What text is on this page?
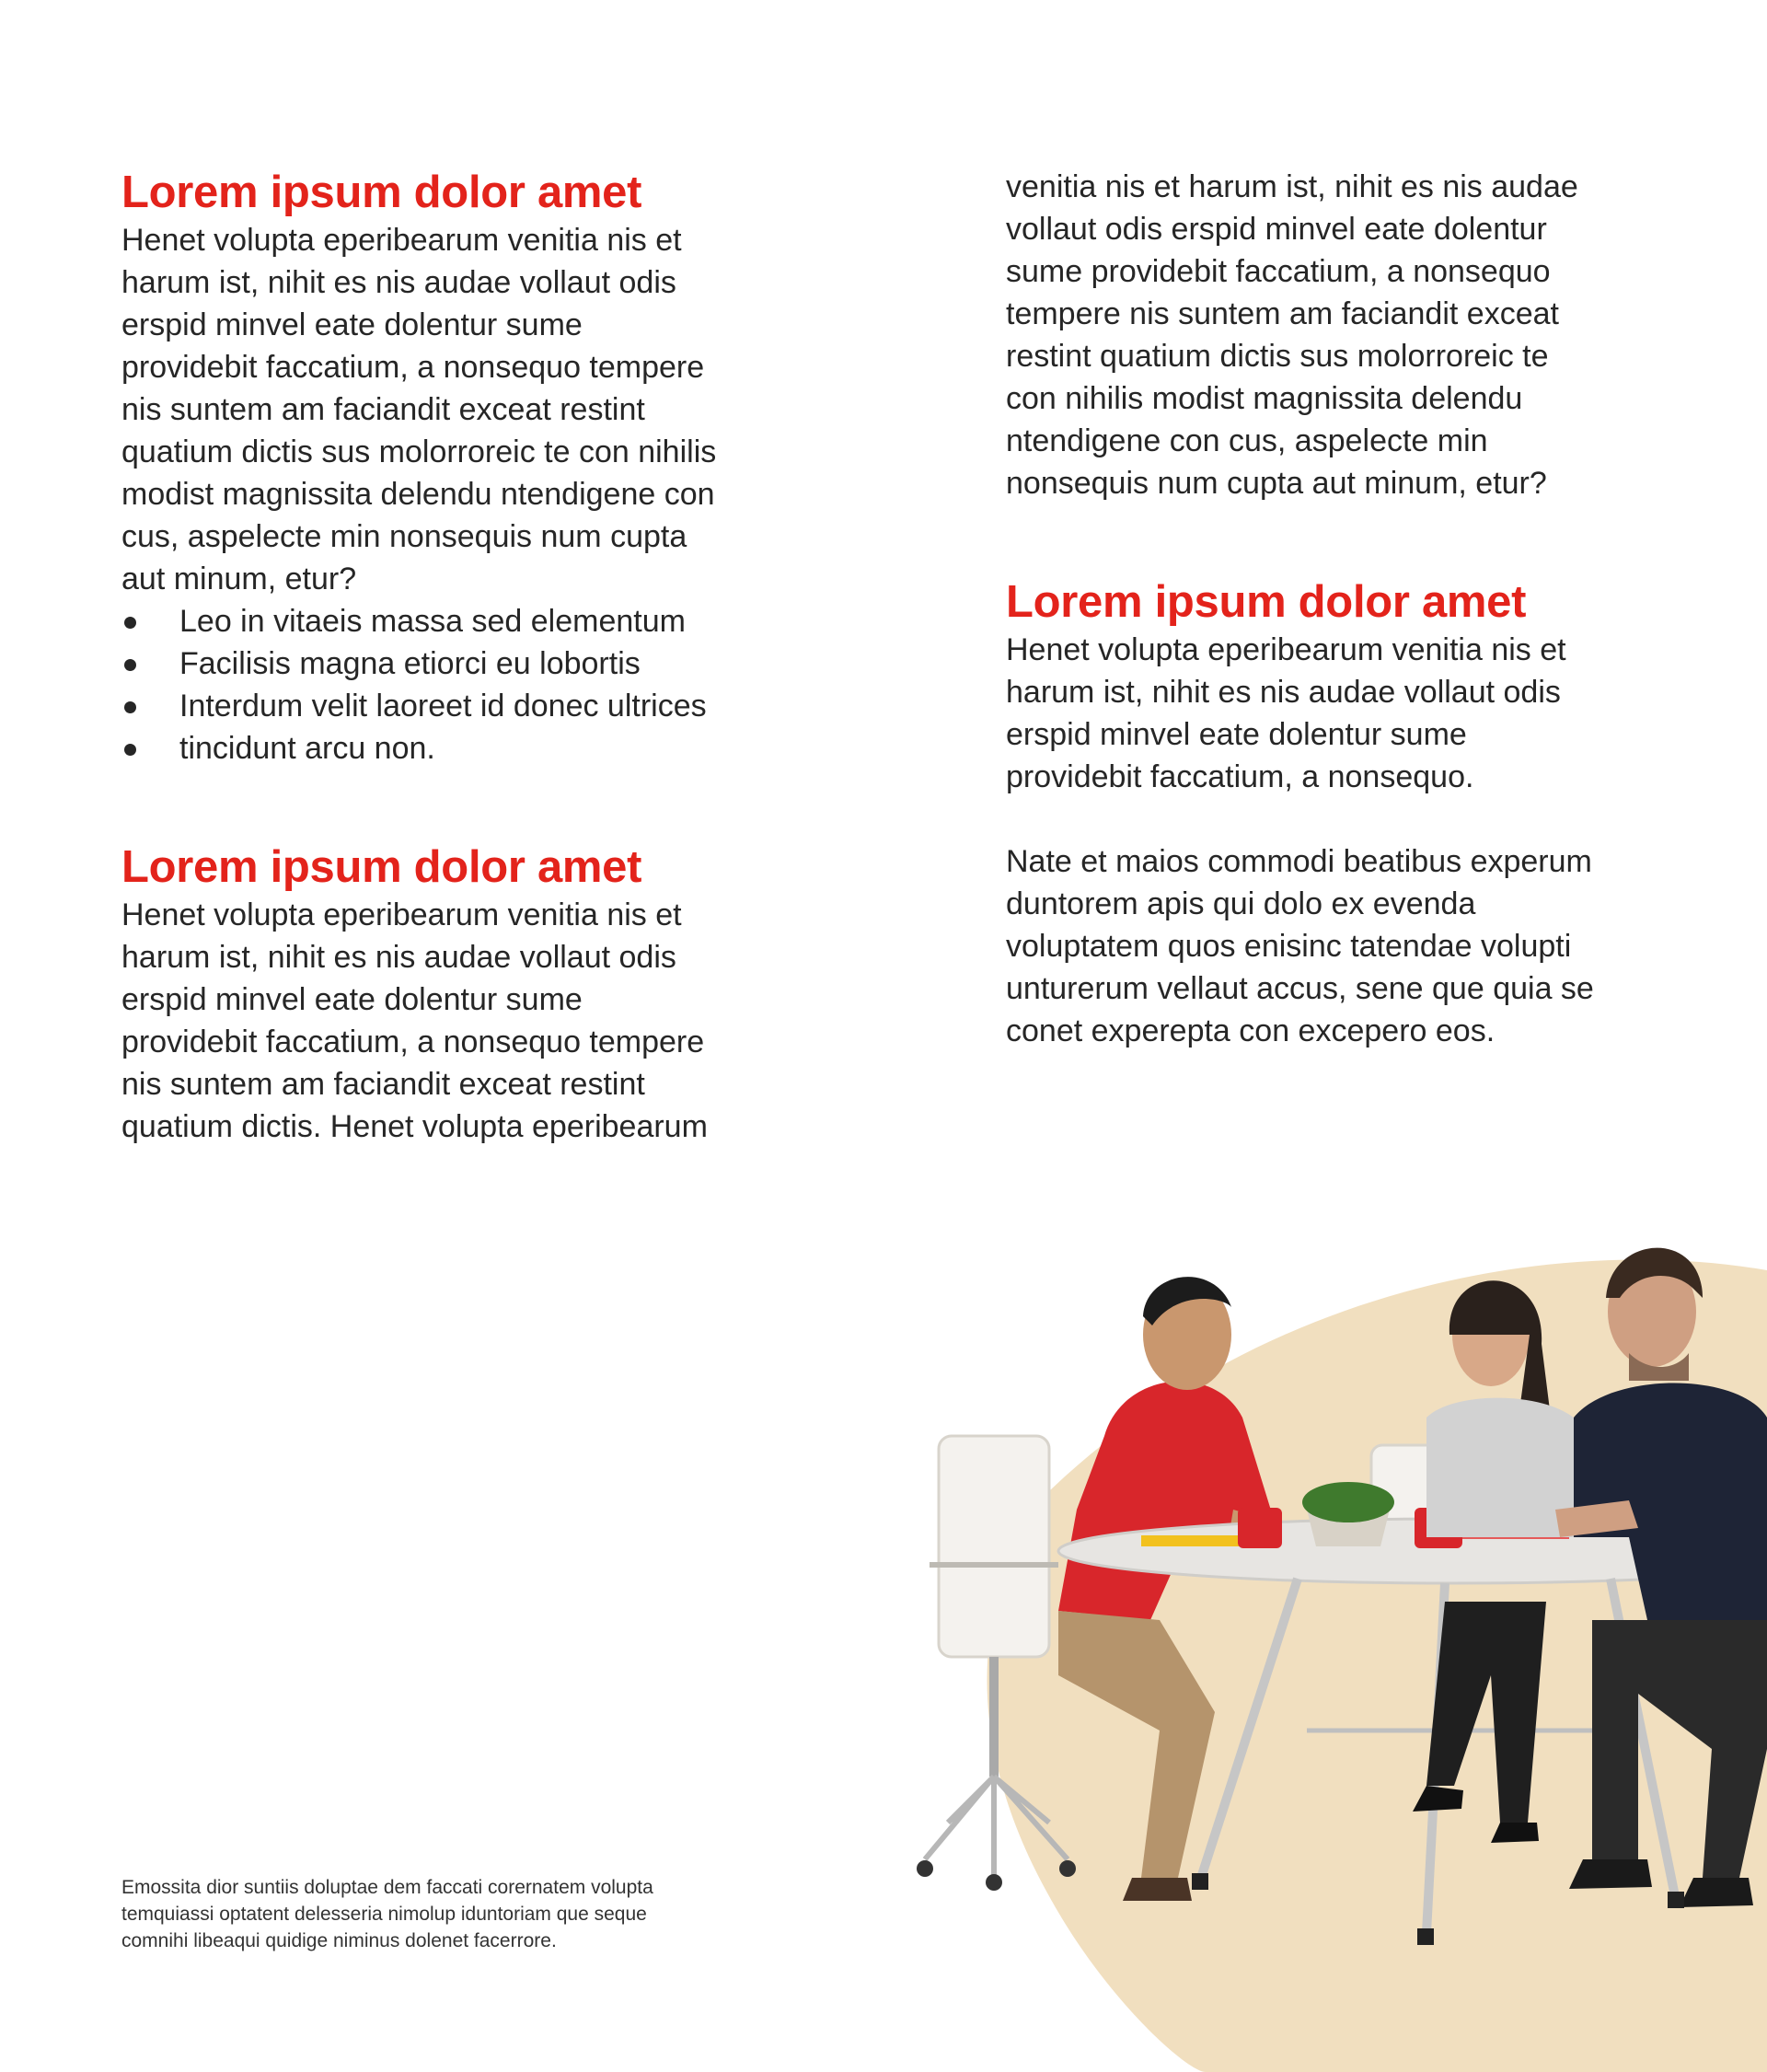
Lorem ipsum dolor amet

Henet volupta eperibearum venitia nis et
harum ist, nihit es nis audae vollaut odis
erspid minvel eate dolentur sume
providebit faccatium, a nonsequo tempere
nis suntem am faciandit exceat restint
quatium dictis sus molorroreic te con nihilis
modist magnissita delendu ntendigene con
cus, aspelecte min nonsequis num cupta
aut minum, etur?

Leo in vitaeis massa sed elementum
Facilisis magna etiorci eu lobortis
Interdum velit laoreet id donec ultrices
tincidunt arcu non.
Lorem ipsum dolor amet

Henet volupta eperibearum venitia nis et
harum ist, nihit es nis audae vollaut odis
erspid minvel eate dolentur sume
providebit faccatium, a nonsequo tempere
nis suntem am faciandit exceat restint
quatium dictis. Henet volupta eperibearum

venitia nis et harum ist, nihit es nis audae
vollaut odis erspid minvel eate dolentur
sume providebit faccatium, a nonsequo
tempere nis suntem am faciandit exceat
restint quatium dictis sus molorroreic te
con nihilis modist magnissita delendu
ntendigene con cus, aspelecte min
nonsequis num cupta aut minum, etur?

Lorem ipsum dolor amet

Henet volupta eperibearum venitia nis et
harum ist, nihit es nis audae vollaut odis
erspid minvel eate dolentur sume
providebit faccatium, a nonsequo.

Nate et maios commodi beatibus experum
duntorem apis qui dolo ex evenda
voluptatem quos enisinc tatendae volupti
unturerum vellaut accus, sene que quia se
conet experepta con excepero eos.

Emossita dior suntiis doluptae dem faccati corernatem volupta
temquiassi optatent delesseria nimolup iduntoriam que seque
comnihi libeaqui quidige niminus dolenet facerrore.
